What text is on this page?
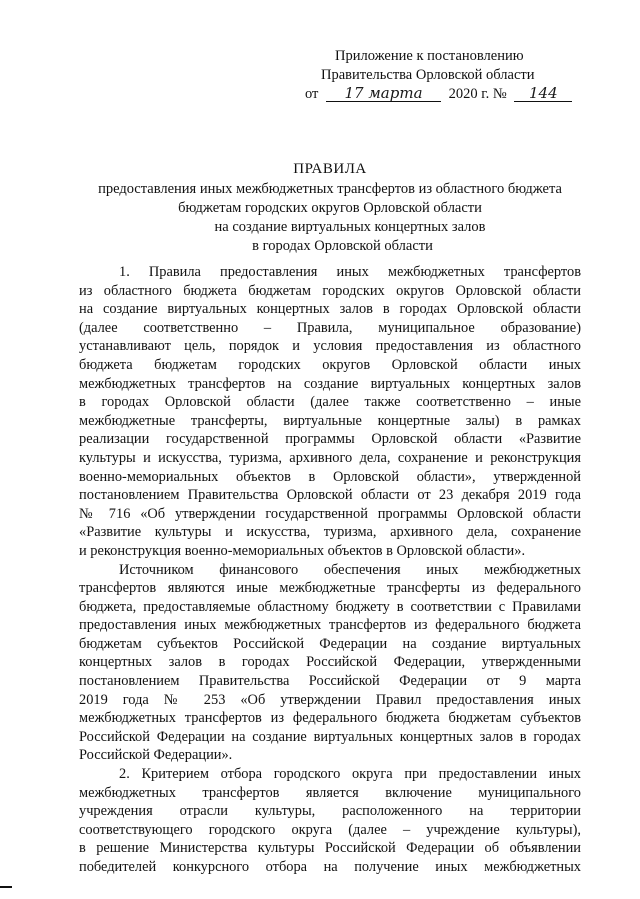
Приложение к постановлению
Правительства Орловской области
от 17 марта 2020 г. № 144
ПРАВИЛА
предоставления иных межбюджетных трансфертов из областного бюджета
бюджетам городских округов Орловской области
на создание виртуальных концертных залов
в городах Орловской области
1. Правила предоставления иных межбюджетных трансфертов
из областного бюджета бюджетам городских округов Орловской области
на создание виртуальных концертных залов в городах Орловской области
(далее соответственно – Правила, муниципальное образование)
устанавливают цель, порядок и условия предоставления из областного
бюджета бюджетам городских округов Орловской области иных
межбюджетных трансфертов на создание виртуальных концертных залов
в городах Орловской области (далее также соответственно – иные
межбюджетные трансферты, виртуальные концертные залы) в рамках
реализации государственной программы Орловской области «Развитие
культуры и искусства, туризма, архивного дела, сохранение и реконструкция
военно-мемориальных объектов в Орловской области», утвержденной
постановлением Правительства Орловской области от 23 декабря 2019 года
№ 716 «Об утверждении государственной программы Орловской области
«Развитие культуры и искусства, туризма, архивного дела, сохранение
и реконструкция военно-мемориальных объектов в Орловской области».
Источником финансового обеспечения иных межбюджетных
трансфертов являются иные межбюджетные трансферты из федерального
бюджета, предоставляемые областному бюджету в соответствии с Правилами
предоставления иных межбюджетных трансфертов из федерального бюджета
бюджетам субъектов Российской Федерации на создание виртуальных
концертных залов в городах Российской Федерации, утвержденными
постановлением Правительства Российской Федерации от 9 марта
2019 года № 253 «Об утверждении Правил предоставления иных
межбюджетных трансфертов из федерального бюджета бюджетам субъектов
Российской Федерации на создание виртуальных концертных залов в городах
Российской Федерации».
2. Критерием отбора городского округа при предоставлении иных
межбюджетных трансфертов является включение муниципального
учреждения отрасли культуры, расположенного на территории
соответствующего городского округа (далее – учреждение культуры),
в решение Министерства культуры Российской Федерации об объявлении
победителей конкурсного отбора на получение иных межбюджетных
